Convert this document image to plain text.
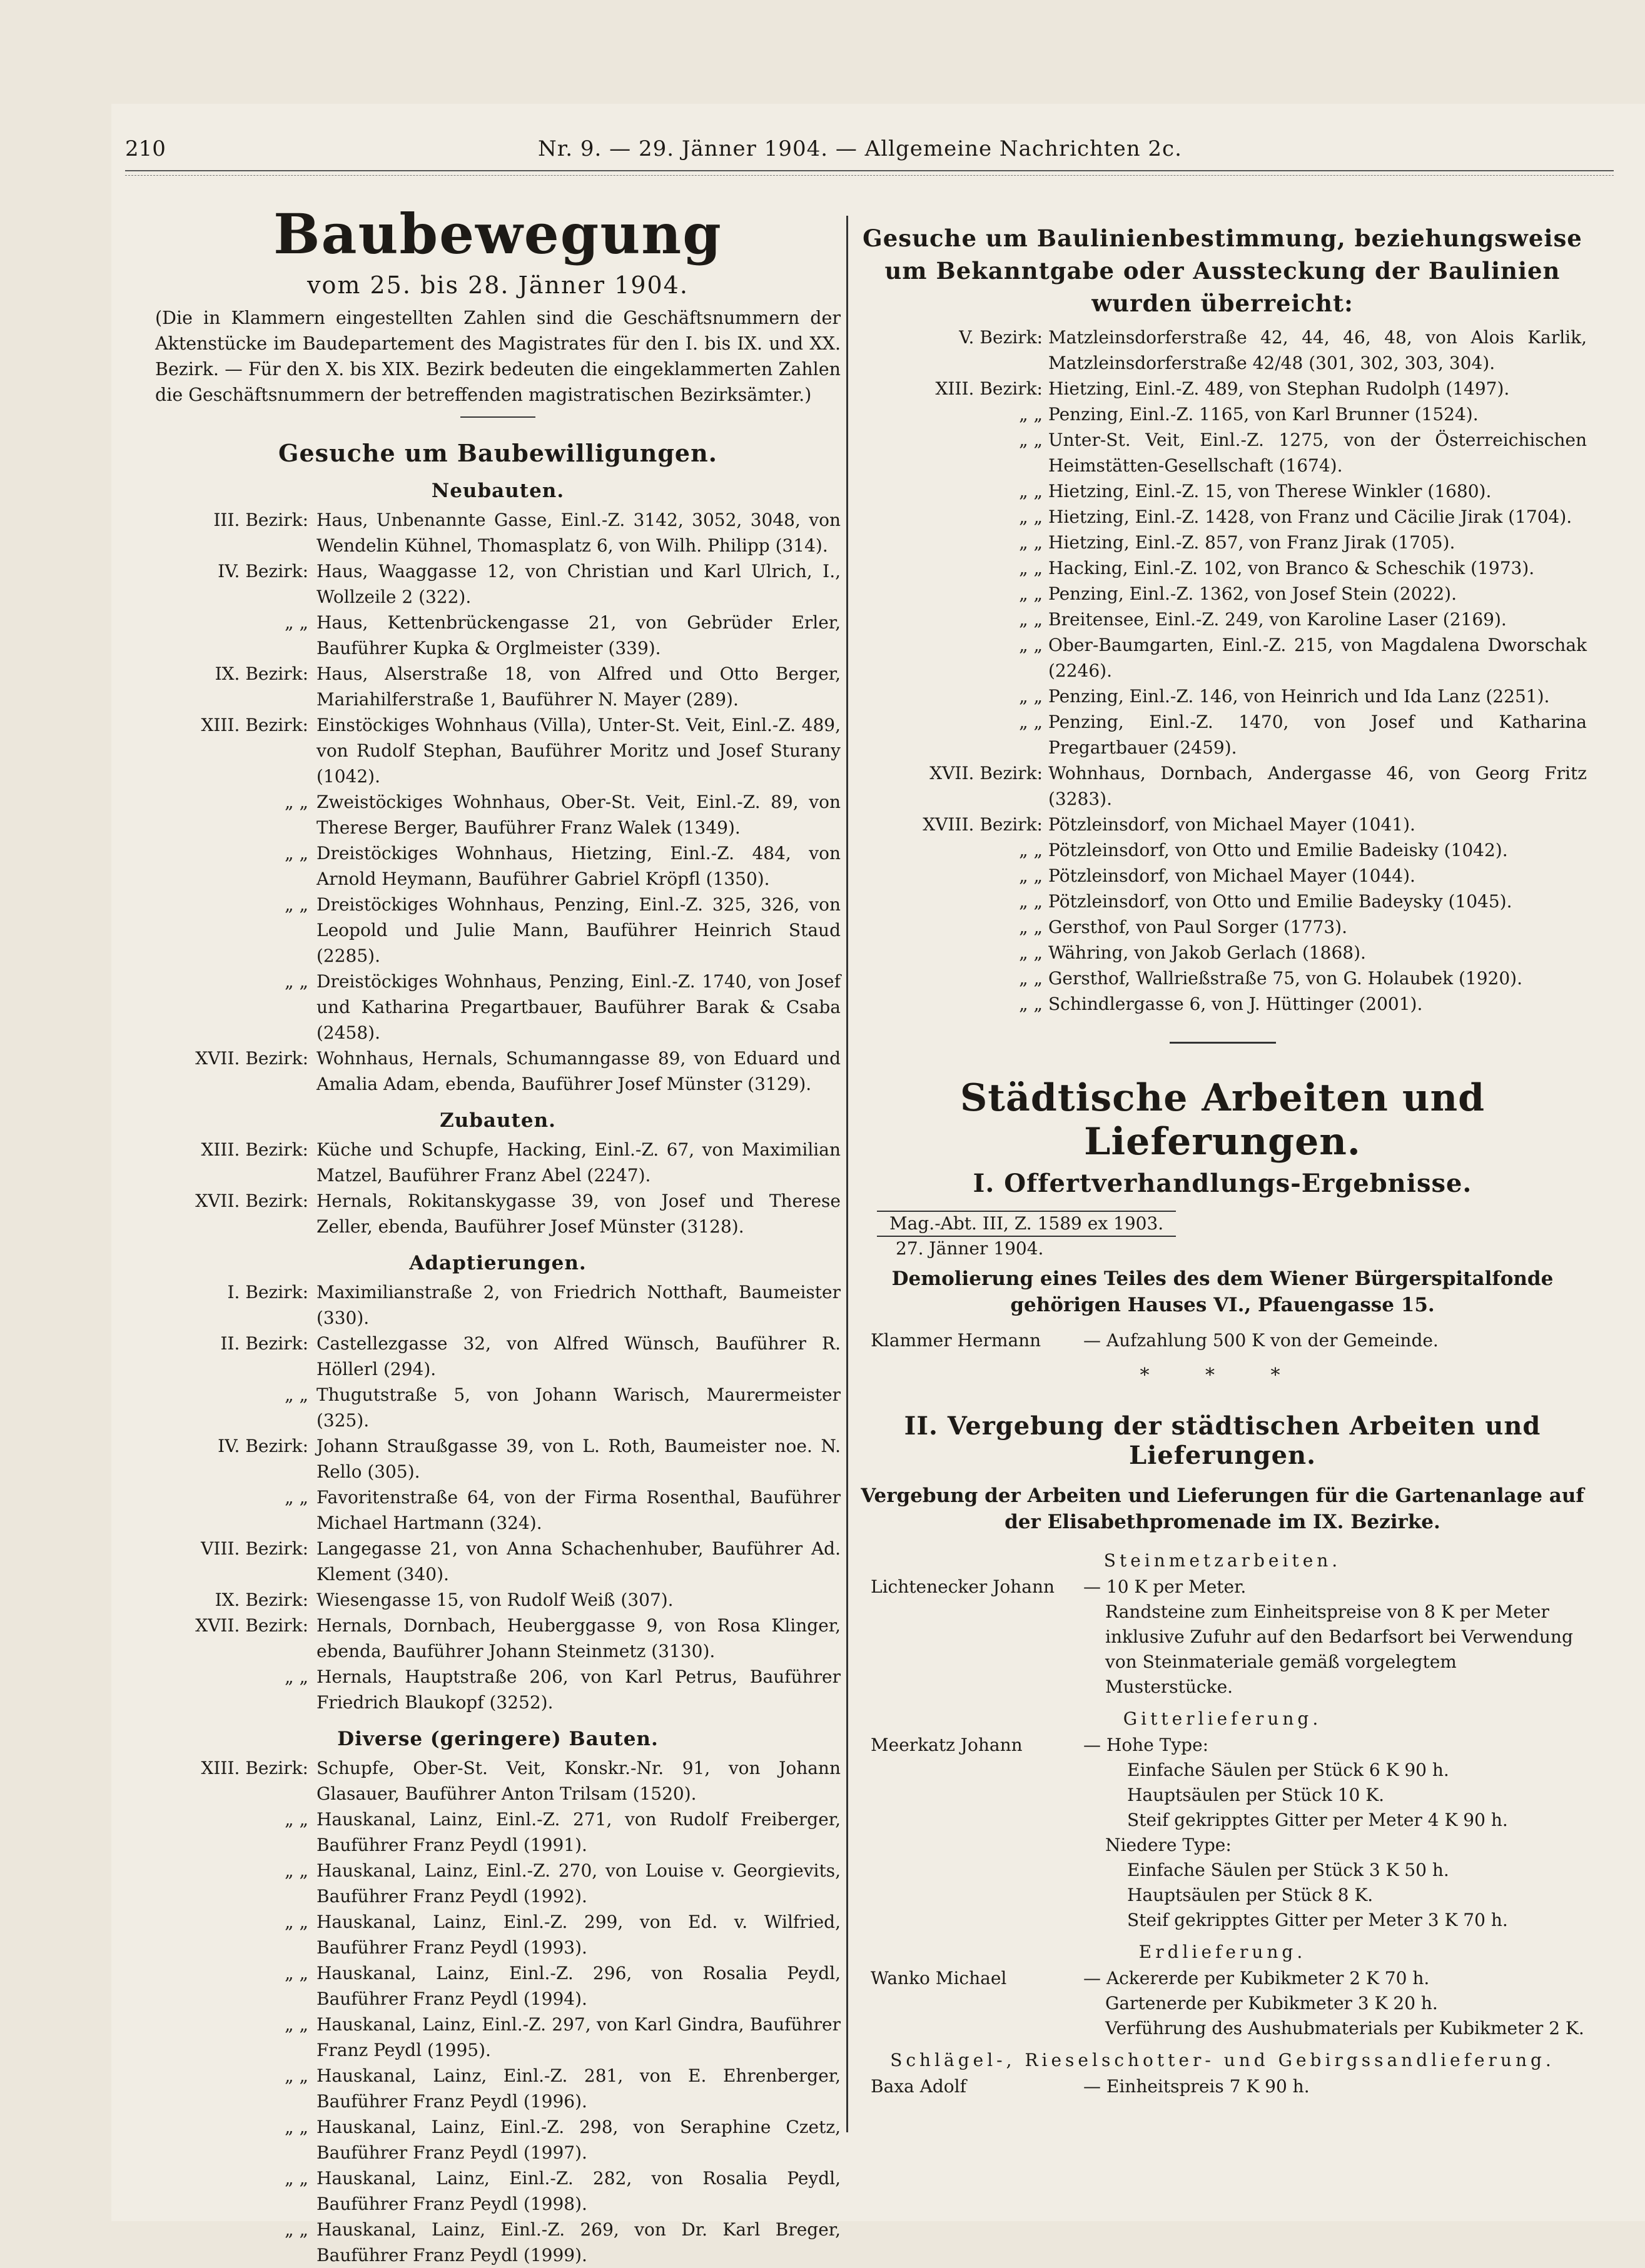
210	Nr. 9. — 29. Jänner 1904. — Allgemeine Nachrichten 2c.
Baubewegung
vom 25. bis 28. Jänner 1904.
(Die in Klammern eingestellten Zahlen sind die Geschäftsnummern der Aktenstücke im Baudepartement des Magistrates für den I. bis IX. und XX. Bezirk. — Für den X. bis XIX. Bezirk bedeuten die eingeklammerten Zahlen die Geschäftsnummern der betreffenden magistratischen Bezirksämter.)
Gesuche um Baubewilligungen.
Neubauten.
III. Bezirk: Haus, Unbenannte Gasse, Einl.-Z. 3142, 3052, 3048, von Wendelin Kühnel, Thomasplatz 6, von Wilh. Philipp (314).
IV. Bezirk: Haus, Waaggasse 12, von Christian und Karl Ulrich, I., Wollzeile 2 (322).
„ „ Haus, Kettenbrückengasse 21, von Gebrüder Erler, Bauführer Kupka & Orglmeister (339).
IX. Bezirk: Haus, Alserstraße 18, von Alfred und Otto Berger, Mariahilferstraße 1, Bauführer N. Mayer (289).
XIII. Bezirk: Einstöckiges Wohnhaus (Villa), Unter-St. Veit, Einl.-Z. 489, von Rudolf Stephan, Bauführer Moritz und Josef Sturany (1042).
„ „ Zweistöckiges Wohnhaus, Ober-St. Veit, Einl.-Z. 89, von Therese Berger, Bauführer Franz Walek (1349).
„ „ Dreistöckiges Wohnhaus, Hietzing, Einl.-Z. 484, von Arnold Heymann, Bauführer Gabriel Kröpfl (1350).
„ „ Dreistöckiges Wohnhaus, Penzing, Einl.-Z. 325, 326, von Leopold und Julie Mann, Bauführer Heinrich Staud (2285).
„ „ Dreistöckiges Wohnhaus, Penzing, Einl.-Z. 1740, von Josef und Katharina Pregartbauer, Bauführer Barak & Csaba (2458).
XVII. Bezirk: Wohnhaus, Hernals, Schumanngasse 89, von Eduard und Amalia Adam, ebenda, Bauführer Josef Münster (3129).
Zubauten.
XIII. Bezirk: Küche und Schupfe, Hacking, Einl.-Z. 67, von Maximilian Matzel, Bauführer Franz Abel (2247).
XVII. Bezirk: Hernals, Rokitanskygasse 39, von Josef und Therese Zeller, ebenda, Bauführer Josef Münster (3128).
Adaptierungen.
I. Bezirk: Maximilianstraße 2, von Friedrich Notthaft, Baumeister (330).
II. Bezirk: Castellezgasse 32, von Alfred Wünsch, Bauführer R. Höllerl (294).
„ „ Thugutstraße 5, von Johann Warisch, Maurermeister (325).
IV. Bezirk: Johann Straußgasse 39, von L. Roth, Baumeister noe. N. Rello (305).
„ „ Favoritenstraße 64, von der Firma Rosenthal, Bauführer Michael Hartmann (324).
VIII. Bezirk: Langegasse 21, von Anna Schachenhuber, Bauführer Ad. Klement (340).
IX. Bezirk: Wiesengasse 15, von Rudolf Weiß (307).
XVII. Bezirk: Hernals, Dornbach, Heuberggasse 9, von Rosa Klinger, ebenda, Bauführer Johann Steinmetz (3130).
„ „ Hernals, Hauptstraße 206, von Karl Petrus, Bauführer Friedrich Blaukopf (3252).
Diverse (geringere) Bauten.
XIII. Bezirk: Schupfe, Ober-St. Veit, Konskr.-Nr. 91, von Johann Glasauer, Bauführer Anton Trilsam (1520).
„ „ Hauskanal, Lainz, Einl.-Z. 271, von Rudolf Freiberger, Bauführer Franz Peydl (1991).
„ „ Hauskanal, Lainz, Einl.-Z. 270, von Louise v. Georgievits, Bauführer Franz Peydl (1992).
„ „ Hauskanal, Lainz, Einl.-Z. 299, von Ed. v. Wilfried, Bauführer Franz Peydl (1993).
„ „ Hauskanal, Lainz, Einl.-Z. 296, von Rosalia Peydl, Bauführer Franz Peydl (1994).
„ „ Hauskanal, Lainz, Einl.-Z. 297, von Karl Gindra, Bauführer Franz Peydl (1995).
„ „ Hauskanal, Lainz, Einl.-Z. 281, von E. Ehrenberger, Bauführer Franz Peydl (1996).
„ „ Hauskanal, Lainz, Einl.-Z. 298, von Seraphine Czetz, Bauführer Franz Peydl (1997).
„ „ Hauskanal, Lainz, Einl.-Z. 282, von Rosalia Peydl, Bauführer Franz Peydl (1998).
„ „ Hauskanal, Lainz, Einl.-Z. 269, von Dr. Karl Breger, Bauführer Franz Peydl (1999).
Gesuche um Baulinienbestimmung, beziehungsweise um Bekanntgabe oder Aussteckung der Baulinien wurden überreicht:
V. Bezirk: Matzleinsdorferstraße 42, 44, 46, 48, von Alois Karlik, Matzleinsdorferstraße 42/48 (301, 302, 303, 304).
XIII. Bezirk: Hietzing, Einl.-Z. 489, von Stephan Rudolph (1497).
„ „ Penzing, Einl.-Z. 1165, von Karl Brunner (1524).
„ „ Unter-St. Veit, Einl.-Z. 1275, von der Österreichischen Heimstätten-Gesellschaft (1674).
„ „ Hietzing, Einl.-Z. 15, von Therese Winkler (1680).
„ „ Hietzing, Einl.-Z. 1428, von Franz und Cäcilie Jirak (1704).
„ „ Hietzing, Einl.-Z. 857, von Franz Jirak (1705).
„ „ Hacking, Einl.-Z. 102, von Branco & Schеschik (1973).
„ „ Penzing, Einl.-Z. 1362, von Josef Stein (2022).
„ „ Breitensee, Einl.-Z. 249, von Karoline Laser (2169).
„ „ Ober-Baumgarten, Einl.-Z. 215, von Magdalena Dworschak (2246).
„ „ Penzing, Einl.-Z. 146, von Heinrich und Ida Lanz (2251).
„ „ Penzing, Einl.-Z. 1470, von Josef und Katharina Pregartbauer (2459).
XVII. Bezirk: Wohnhaus, Dornbach, Andergasse 46, von Georg Fritz (3283).
XVIII. Bezirk: Pötzleinsdorf, von Michael Mayer (1041).
„ „ Pötzleinsdorf, von Otto und Emilie Badeisky (1042).
„ „ Pötzleinsdorf, von Michael Mayer (1044).
„ „ Pötzleinsdorf, von Otto und Emilie Badeysky (1045).
„ „ Gersthof, von Paul Sorger (1773).
„ „ Währing, von Jakob Gerlach (1868).
„ „ Gersthof, Wallrießstraße 75, von G. Holaubek (1920).
„ „ Schindlergasse 6, von J. Hüttinger (2001).
Städtische Arbeiten und Lieferungen.
I. Offertverhandlungs-Ergebnisse.
Mag.-Abt. III, Z. 1589 ex 1903.
27. Jänner 1904.
Demolierung eines Teiles des dem Wiener Bürgerspitalfonde gehörigen Hauses VI., Pfauengasse 15.
Klammer Hermann — Aufzahlung 500 K von der Gemeinde.
* * *
II. Vergebung der städtischen Arbeiten und Lieferungen.
Vergebung der Arbeiten und Lieferungen für die Gartenanlage auf der Elisabethpromenade im IX. Bezirke.
Steinmetzarbeiten.
Lichtenecker Johann — 10 K per Meter.
Randsteine zum Einheitspreise von 8 K per Meter inklusive Zufuhr auf den Bedarfsort bei Verwendung von Steinmateriale gemäß vorgelegtem Musterstücke.
Gitterlieferung.
Meerkatz Johann	— Hohe Type:
Einfache Säulen per Stück 6 K 90 h.
Hauptsäulen per Stück 10 K.
Steif gekripptes Gitter per Meter 4 K 90 h.
Niedere Type:
Einfache Säulen per Stück 3 K 50 h.
Hauptsäulen per Stück 8 K.
Steif gekripptes Gitter per Meter 3 K 70 h.
Erdlieferung.
Wanko Michael	— Ackererde per Kubikmeter 2 K 70 h.
Gartenerde per Kubikmeter 3 K 20 h.
Verführung des Aushubmaterials per Kubikmeter 2 K.
Schlägel-, Rieselschotter- und Gebirgssandlieferung.
Baxa Adolf	— Einheitspreis 7 K 90 h.
